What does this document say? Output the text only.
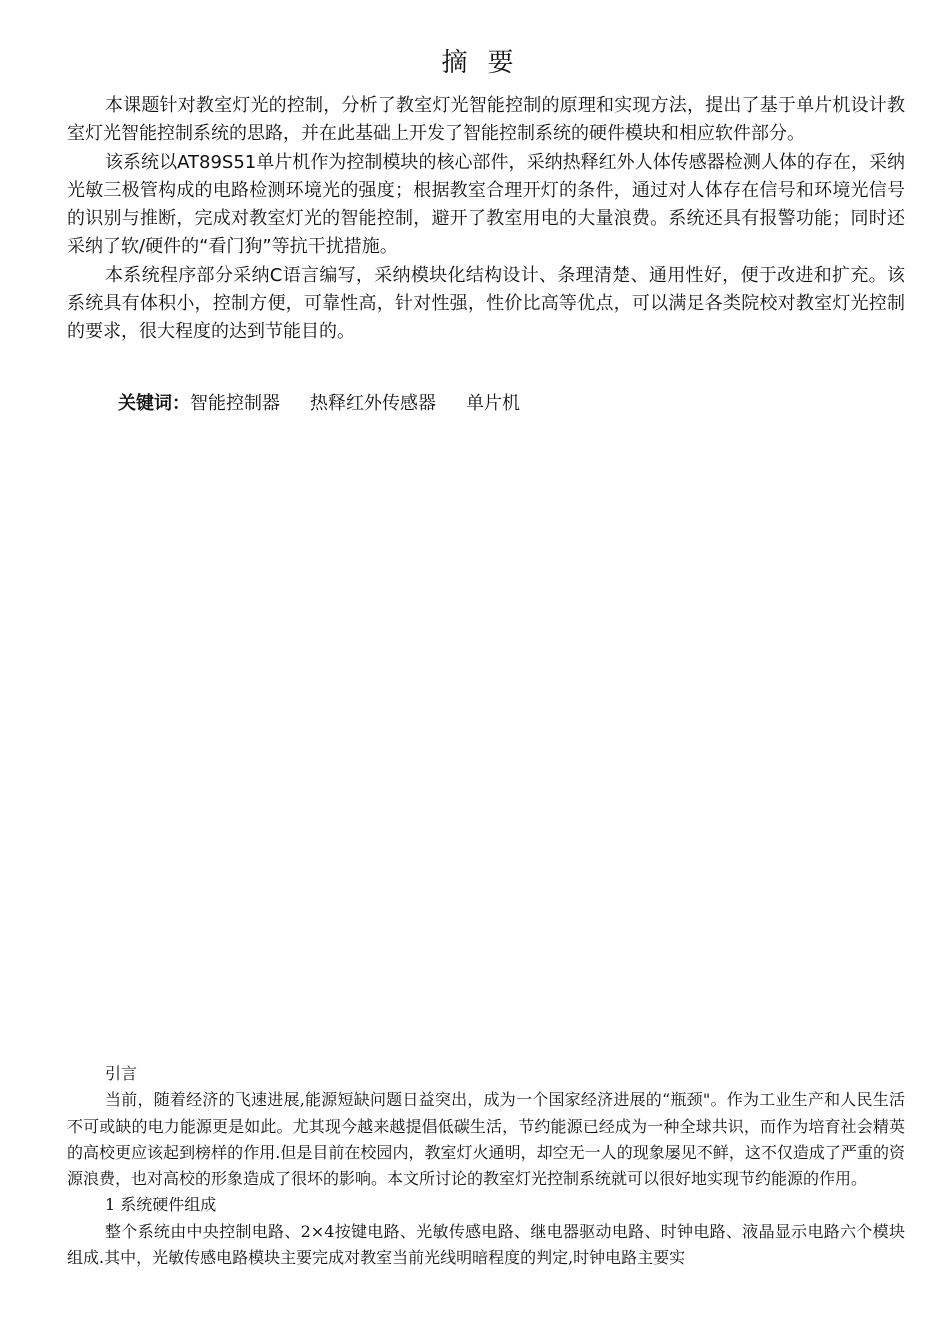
摘要

本课题针对教室灯光的控制，分析了教室灯光智能控制的原理和实现方法，提出了基于单片机设计教室灯光智能控制系统的思路，并在此基础上开发了智能控制系统的硬件模块和相应软件部分。

该系统以AT89S51单片机作为控制模块的核心部件，采纳热释红外人体传感器检测人体的存在，采纳光敏三极管构成的电路检测环境光的强度；根据教室合理开灯的条件，通过对人体存在信号和环境光信号的识别与推断，完成对教室灯光的智能控制，避开了教室用电的大量浪费。系统还具有报警功能；同时还采纳了软/硬件的“看门狗”等抗干扰措施。

本系统程序部分采纳C语言编写，采纳模块化结构设计、条理清楚、通用性好，便于改进和扩充。该系统具有体积小，控制方便，可靠性高，针对性强，性价比高等优点，可以满足各类院校对教室灯光控制的要求，很大程度的达到节能目的。

关键词：智能控制器 热释红外传感器 单片机

引言

当前，随着经济的飞速进展,能源短缺问题日益突出，成为一个国家经济进展的“瓶颈"。作为工业生产和人民生活不可或缺的电力能源更是如此。尤其现今越来越提倡低碳生活，节约能源已经成为一种全球共识，而作为培育社会精英的高校更应该起到榜样的作用.但是目前在校园内，教室灯火通明，却空无一人的现象屡见不鲜，这不仅造成了严重的资源浪费，也对高校的形象造成了很坏的影响。本文所讨论的教室灯光控制系统就可以很好地实现节约能源的作用。

1 系统硬件组成

整个系统由中央控制电路、2×4按键电路、光敏传感电路、继电器驱动电路、时钟电路、液晶显示电路六个模块组成.其中，光敏传感电路模块主要完成对教室当前光线明暗程度的判定,时钟电路主要实
